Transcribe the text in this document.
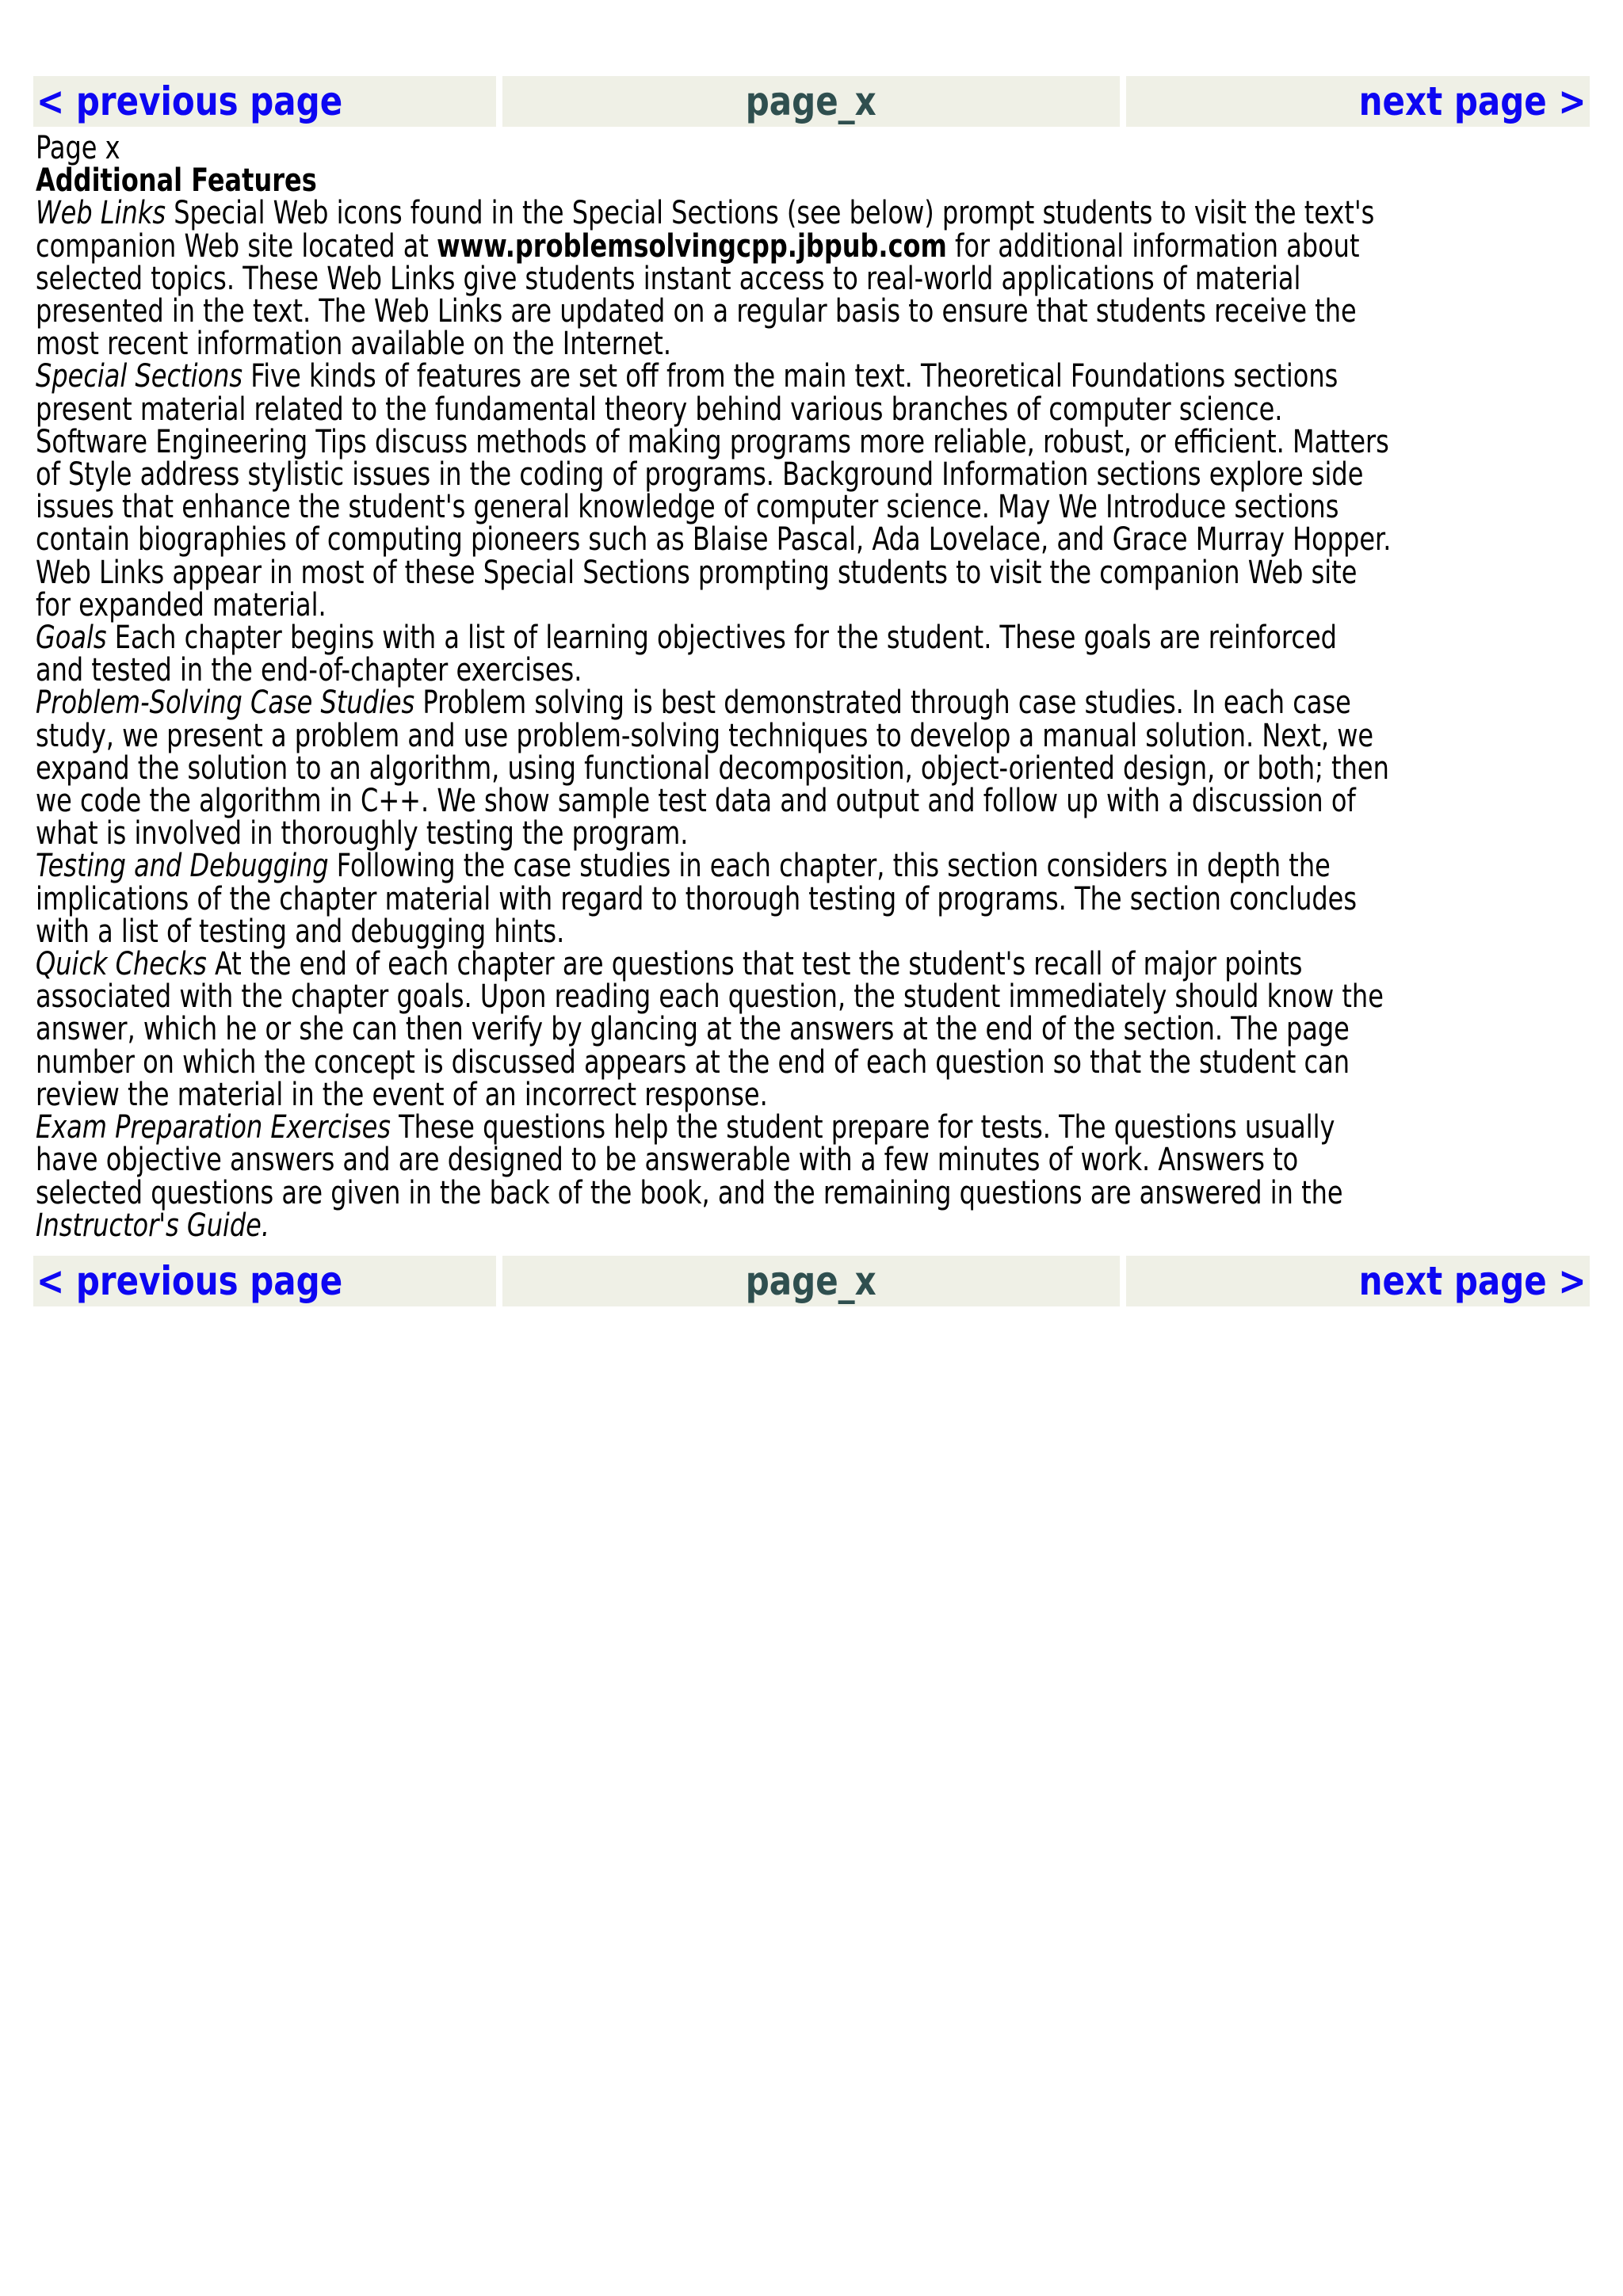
< previous page	page_x	next page >
Page x
Additional Features
Web Links Special Web icons found in the Special Sections (see below) prompt students to visit the text's
companion Web site located at www.problemsolvingcpp.jbpub.com for additional information about
selected topics. These Web Links give students instant access to real-world applications of material
presented in the text. The Web Links are updated on a regular basis to ensure that students receive the
most recent information available on the Internet.
Special Sections Five kinds of features are set off from the main text. Theoretical Foundations sections
present material related to the fundamental theory behind various branches of computer science.
Software Engineering Tips discuss methods of making programs more reliable, robust, or efficient. Matters
of Style address stylistic issues in the coding of programs. Background Information sections explore side
issues that enhance the student's general knowledge of computer science. May We Introduce sections
contain biographies of computing pioneers such as Blaise Pascal, Ada Lovelace, and Grace Murray Hopper.
Web Links appear in most of these Special Sections prompting students to visit the companion Web site
for expanded material.
Goals Each chapter begins with a list of learning objectives for the student. These goals are reinforced
and tested in the end-of-chapter exercises.
Problem-Solving Case Studies Problem solving is best demonstrated through case studies. In each case
study, we present a problem and use problem-solving techniques to develop a manual solution. Next, we
expand the solution to an algorithm, using functional decomposition, object-oriented design, or both; then
we code the algorithm in C++. We show sample test data and output and follow up with a discussion of
what is involved in thoroughly testing the program.
Testing and Debugging Following the case studies in each chapter, this section considers in depth the
implications of the chapter material with regard to thorough testing of programs. The section concludes
with a list of testing and debugging hints.
Quick Checks At the end of each chapter are questions that test the student's recall of major points
associated with the chapter goals. Upon reading each question, the student immediately should know the
answer, which he or she can then verify by glancing at the answers at the end of the section. The page
number on which the concept is discussed appears at the end of each question so that the student can
review the material in the event of an incorrect response.
Exam Preparation Exercises These questions help the student prepare for tests. The questions usually
have objective answers and are designed to be answerable with a few minutes of work. Answers to
selected questions are given in the back of the book, and the remaining questions are answered in the
Instructor's Guide.
< previous page	page_x	next page >
